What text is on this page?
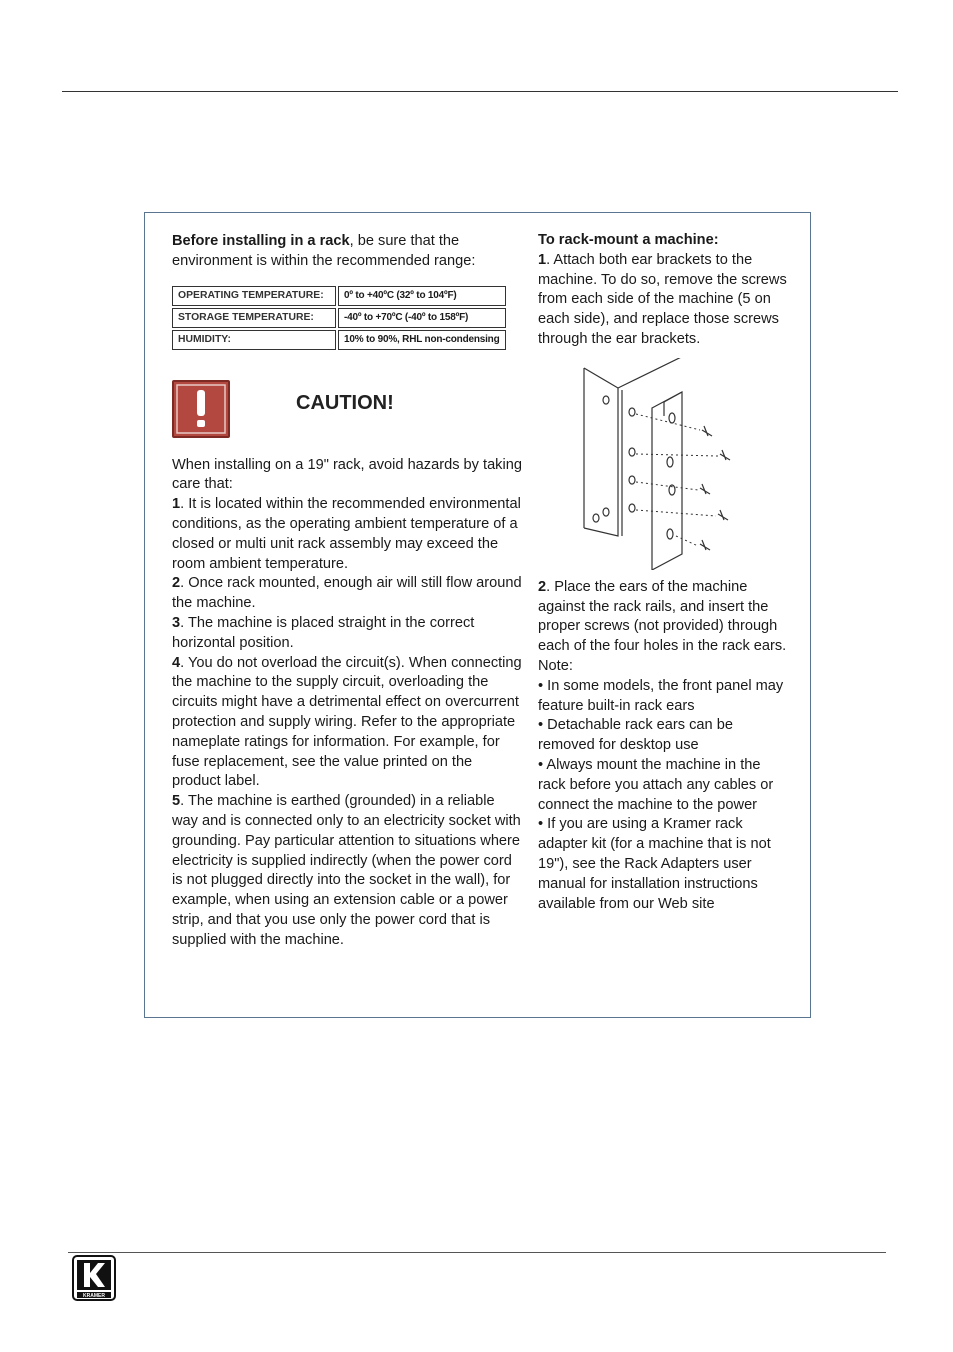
Before installing in a rack, be sure that the environment is within the recommended range:

OPERATING TEMPERATURE:	0º to +40ºC (32º to 104ºF)
STORAGE TEMPERATURE:	-40º to +70ºC (-40º to 158ºF)
HUMIDITY:	10% to 90%, RHL non-condensing
CAUTION!

When installing on a 19" rack, avoid hazards by taking care that:

1. It is located within the recommended environmental conditions, as the operating ambient temperature of a closed or multi unit rack assembly may exceed the room ambient temperature.

2. Once rack mounted, enough air will still flow around the machine.

3. The machine is placed straight in the correct horizontal position.

4. You do not overload the circuit(s). When connecting the machine to the supply circuit, overloading the circuits might have a detrimental effect on overcurrent protection and supply wiring. Refer to the appropriate nameplate ratings for information. For example, for fuse replacement, see the value printed on the product label.

5. The machine is earthed (grounded) in a reliable way and is connected only to an electricity socket with grounding. Pay particular attention to situations where electricity is supplied indirectly (when the power cord is not plugged directly into the socket in the wall), for example, when using an extension cable or a power strip, and that you use only the power cord that is supplied with the machine.

To rack-mount a machine:

1. Attach both ear brackets to the machine. To do so, remove the screws from each side of the machine (5 on each side), and replace those screws through the ear brackets.

2. Place the ears of the machine against the rack rails, and insert the proper screws (not provided) through each of the four holes in the rack ears.

Note:

• In some models, the front panel may feature built-in rack ears

• Detachable rack ears can be removed for desktop use

• Always mount the machine in the rack before you attach any cables or connect the machine to the power

• If you are using a Kramer rack adapter kit (for a machine that is not 19"), see the Rack Adapters user manual for installation instructions available from our Web site

KRAMER
